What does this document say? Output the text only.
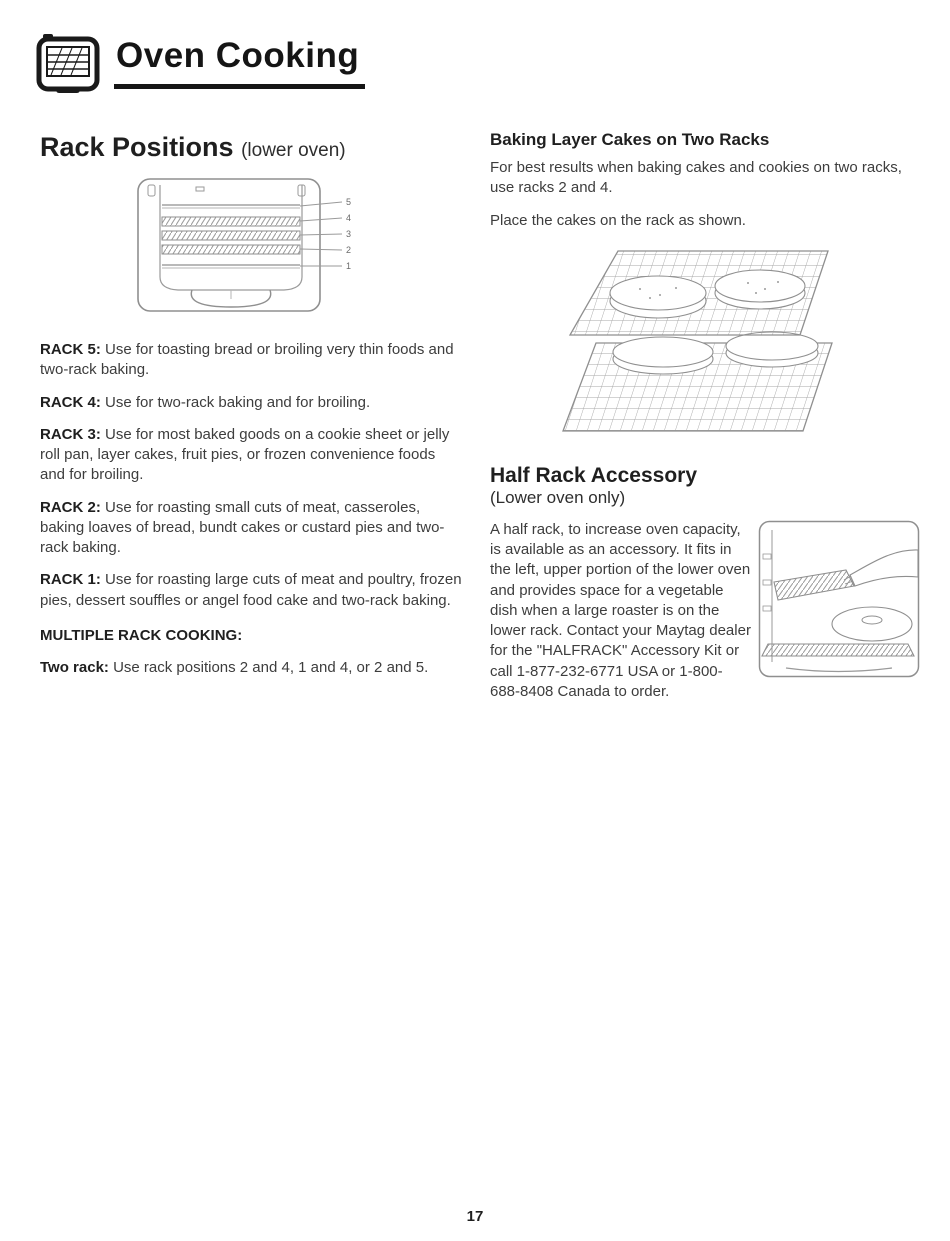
Oven Cooking
Rack Positions (lower oven)
5
4
3
2
1

RACK 5: Use for toasting bread or broiling very thin foods and two-rack baking.

RACK 4: Use for two-rack baking and for broiling.

RACK 3: Use for most baked goods on a cookie sheet or jelly roll pan, layer cakes, fruit pies, or frozen convenience foods and for broiling.

RACK 2: Use for roasting small cuts of meat, casseroles, baking loaves of bread, bundt cakes or custard pies and two-rack baking.

RACK 1: Use for roasting large cuts of meat and poultry, frozen pies, dessert souffles or angel food cake and two-rack baking.

MULTIPLE RACK COOKING:

Two rack: Use rack positions 2 and 4, 1 and 4, or 2 and 5.

Baking Layer Cakes on Two Racks

For best results when baking cakes and cookies on two racks, use racks 2 and 4.

Place the cakes on the rack as shown.

Half Rack Accessory
(Lower oven only)

A half rack, to increase oven capacity, is available as an accessory. It fits in the left, upper portion of the lower oven and provides space for a vegetable dish when a large roaster is on the lower rack. Contact your Maytag dealer for the "HALFRACK" Accessory Kit or call 1-877-232-6771 USA or 1-800-688-8408 Canada to order.

17
